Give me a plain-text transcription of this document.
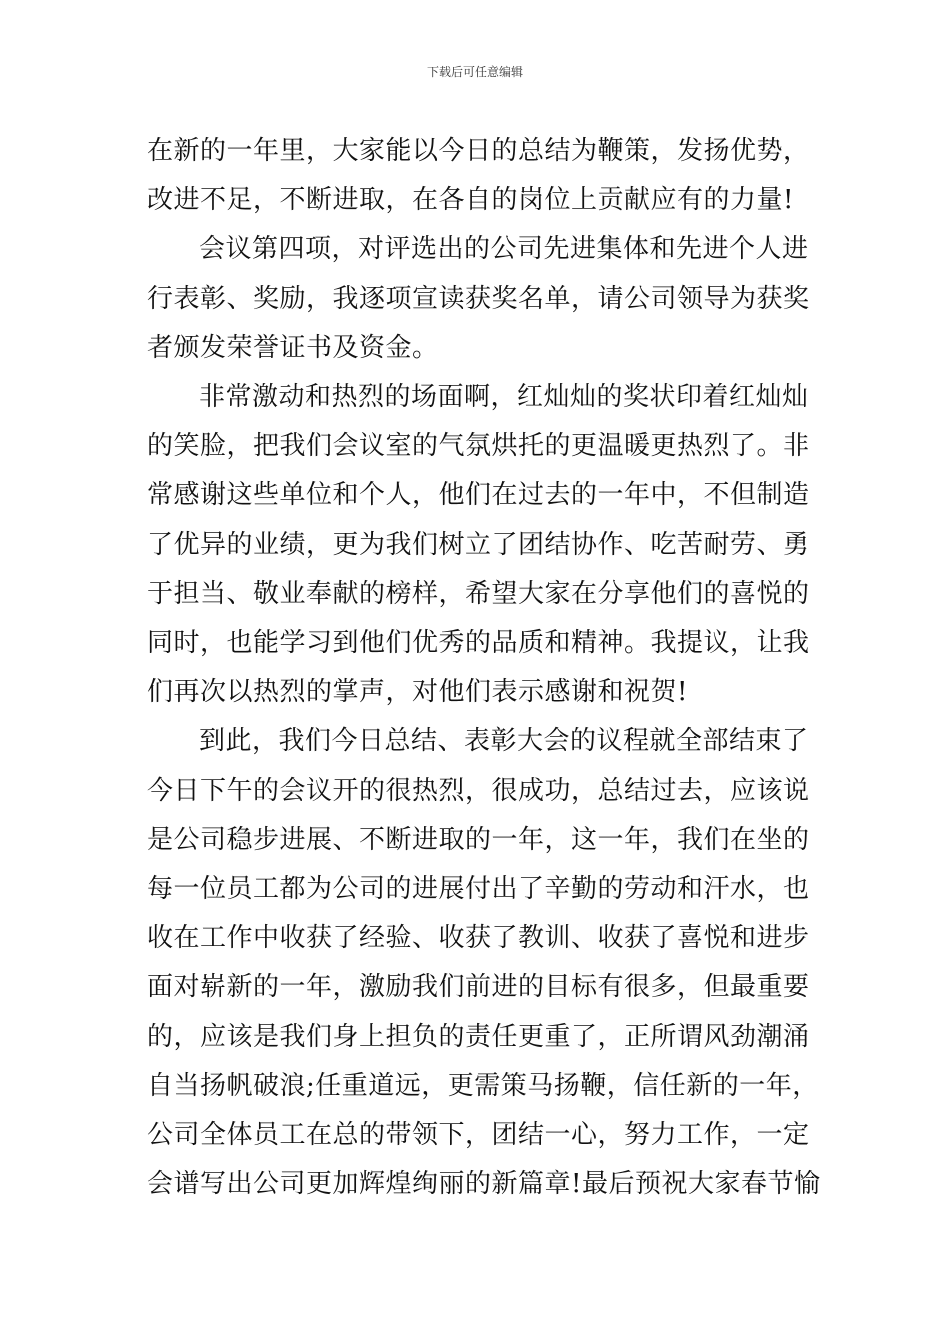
下载后可任意编辑
在新的一年里，大家能以今日的总结为鞭策，发扬优势，
改进不足，不断进取，在各自的岗位上贡献应有的力量!
会议第四项，对评选出的公司先进集体和先进个人进
行表彰、奖励，我逐项宣读获奖名单，请公司领导为获奖
者颁发荣誉证书及资金。
非常激动和热烈的场面啊，红灿灿的奖状印着红灿灿
的笑脸，把我们会议室的气氛烘托的更温暖更热烈了。非
常感谢这些单位和个人，他们在过去的一年中，不但制造
了优异的业绩，更为我们树立了团结协作、吃苦耐劳、勇
于担当、敬业奉献的榜样，希望大家在分享他们的喜悦的
同时，也能学习到他们优秀的品质和精神。我提议，让我
们再次以热烈的掌声，对他们表示感谢和祝贺!
到此，我们今日总结、表彰大会的议程就全部结束了
今日下午的会议开的很热烈，很成功，总结过去，应该说
是公司稳步进展、不断进取的一年，这一年，我们在坐的
每一位员工都为公司的进展付出了辛勤的劳动和汗水，也
收在工作中收获了经验、收获了教训、收获了喜悦和进步
面对崭新的一年，激励我们前进的目标有很多，但最重要
的，应该是我们身上担负的责任更重了，正所谓风劲潮涌
自当扬帆破浪;任重道远，更需策马扬鞭，信任新的一年，
公司全体员工在总的带领下，团结一心，努力工作，一定
会谱写出公司更加辉煌绚丽的新篇章!最后预祝大家春节愉
